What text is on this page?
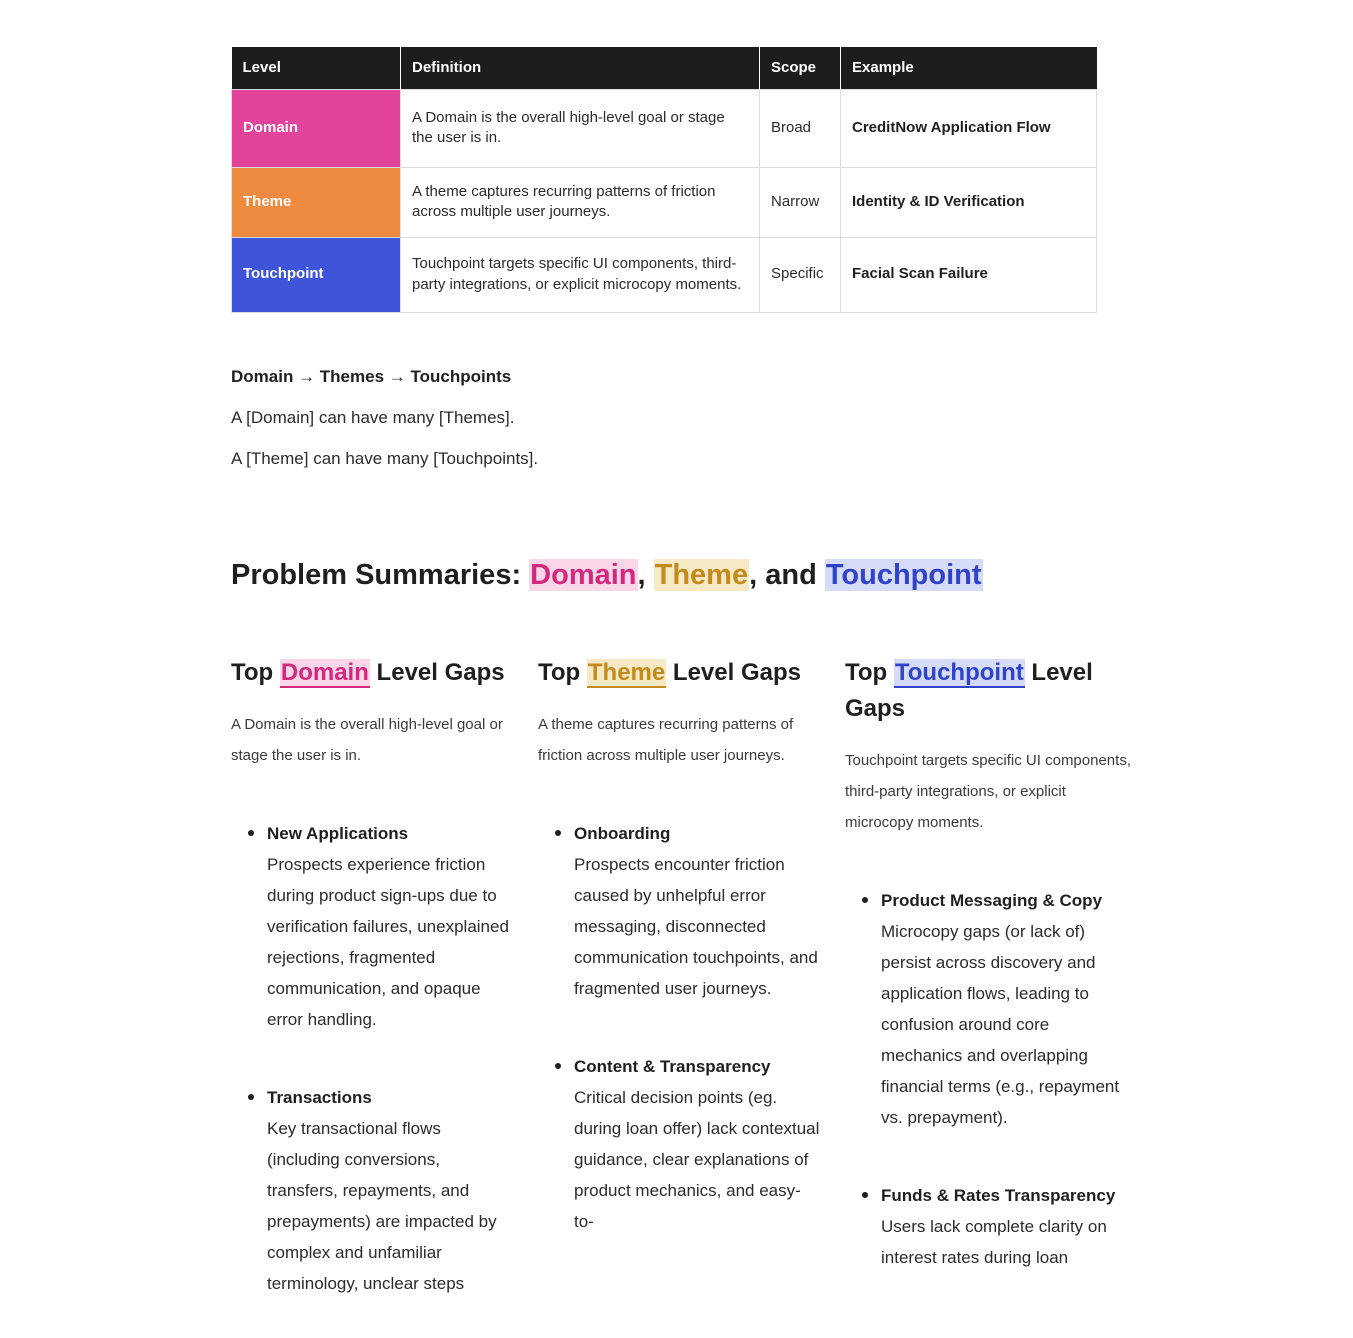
Level	Definition	Scope	Example
Domain	A Domain is the overall high-level goal or stage the user is in.	Broad	CreditNow Application Flow
Theme	A theme captures recurring patterns of friction across multiple user journeys.	Narrow	Identity & ID Verification
Touchpoint	Touchpoint targets specific UI components, third-party integrations, or explicit microcopy moments.	Specific	Facial Scan Failure
Domain → Themes → Touchpoints
A [Domain] can have many [Themes].
A [Theme] can have many [Touchpoints].
Problem Summaries: Domain, Theme, and Touchpoint
Top Domain Level Gaps

A Domain is the overall high-level goal or stage the user is in.

New Applications
Prospects experience friction during product sign-ups due to verification failures, unexplained rejections, fragmented communication, and opaque error handling.
Transactions
Key transactional flows (including conversions, transfers, repayments, and prepayments) are impacted by complex and unfamiliar terminology, unclear steps
Top Theme Level Gaps

A theme captures recurring patterns of friction across multiple user journeys.

Onboarding
Prospects encounter friction caused by unhelpful error messaging, disconnected communication touchpoints, and fragmented user journeys.
Content & Transparency
Critical decision points (eg. during loan offer) lack contextual guidance, clear explanations of product mechanics, and easy-to-
Top Touchpoint Level Gaps

Touchpoint targets specific UI components, third-party integrations, or explicit microcopy moments.

Product Messaging & Copy
Microcopy gaps (or lack of) persist across discovery and application flows, leading to confusion around core mechanics and overlapping financial terms (e.g., repayment vs. prepayment).
Funds & Rates Transparency
Users lack complete clarity on interest rates during loan
